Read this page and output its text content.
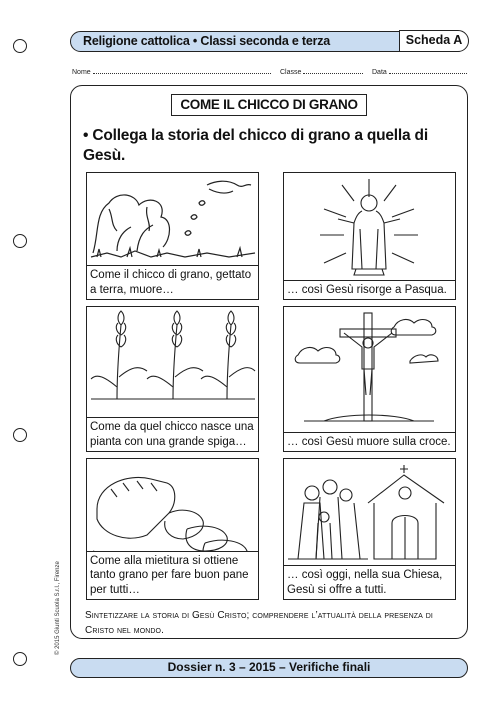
Religione cattolica • Classi seconda e terza	Scheda A
Nome	Classe	Data
COME IL CHICCO DI GRANO
• Collega la storia del chicco di grano a quella di Gesù.
Come il chicco di grano, gettato a terra, muore…
Come da quel chicco nasce una pianta con una grande spiga…
Come alla mietitura si ottiene tanto grano per fare buon pane per tutti…
… così Gesù risorge a Pasqua.
… così Gesù muore sulla croce.
… così oggi, nella sua Chiesa, Gesù si offre a tutti.
Sintetizzare la storia di Gesù Cristo; comprendere l’attualità della presenza di Cristo nel mondo.
Dossier n. 3 – 2015 – Verifiche finali
© 2015 Giunti Scuola S.r.l., Firenze
